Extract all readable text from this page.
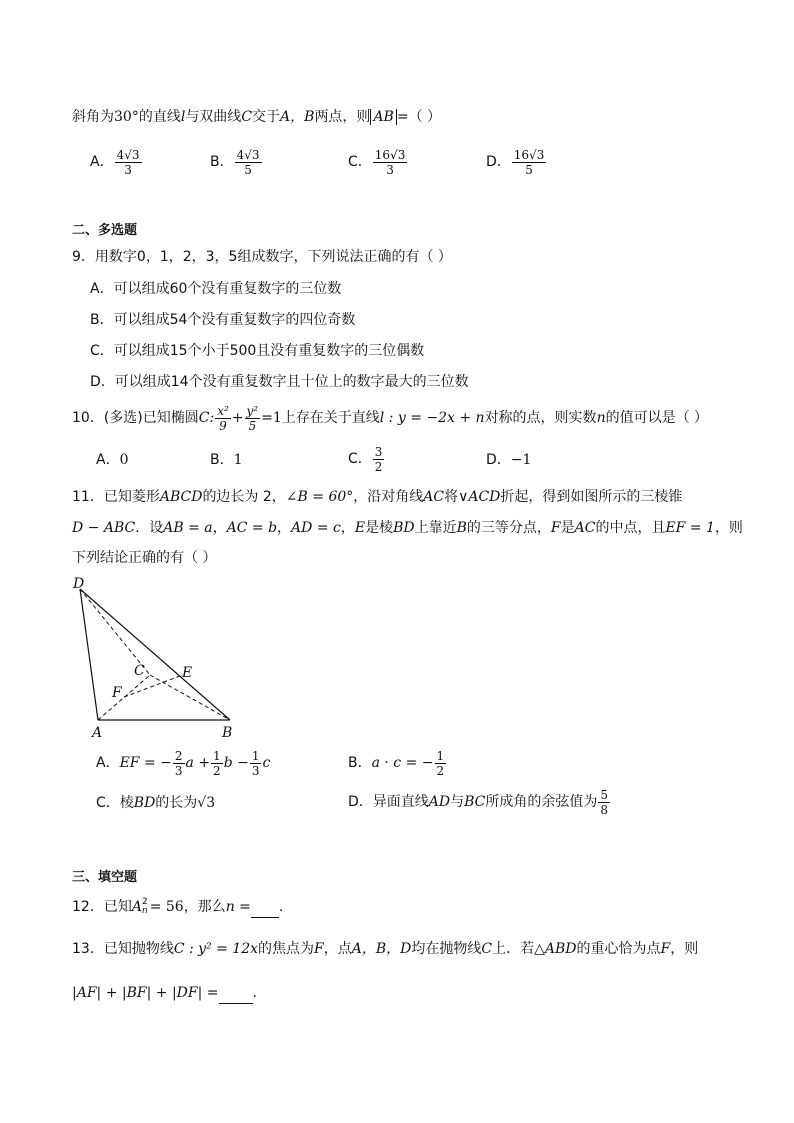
斜角为30°的直线l与双曲线C交于A，B两点，则 AB =（ ）
A． $\frac{4√3}{3}$	B． $\frac{4√3}{5}$	C． $\frac{16√3}{3}$	D． $\frac{16√3}{5}$
二、多选题
9．用数字0，1，2，3，5组成数字，下列说法正确的有（ ）
A．可以组成60个没有重复数字的三位数
B．可以组成54个没有重复数字的四位奇数
C．可以组成15个小于500且没有重复数字的三位偶数
D．可以组成14个没有重复数字且十位上的数字最大的三位数
10．(多选)已知椭圆C: $\frac{\text{x²}}{9} + \frac{\text{y²}}{5} =1$上存在关于直线l : y = −2x + n对称的点，则实数n的值可以是（ ）
A．0	B．1	C． $\frac{3}{2}$	D．−1
11．已知菱形ABCD的边长为 2，∠B = 60°，沿对角线AC将∨ACD折起，得到如图所示的三棱锥
D − ABC．设AB = a，AC = b，AD = c，E是棱BD上靠近B的三等分点，F是AC的中点，且EF = 1，则
下列结论正确的有（ ）
D
C	E
F
A	B
A．EF = − $\frac{2}{3}$ $a + \frac{1}{2}$ $b - \frac{1}{3}$ c	B．a · c = − $\frac{1}{2}$
C．棱BD的长为√3	D．异面直线AD与BC所成角的余弦值为 $\frac{5}{8}$
三、填空题
12．已知A 2
n = 56，那么n = .
13．已知抛物线C : y² = 12x的焦点为F，点A，B，D均在抛物线C上．若△ABD的重心恰为点F，则
|AF| + |BF| + |DF| = .
